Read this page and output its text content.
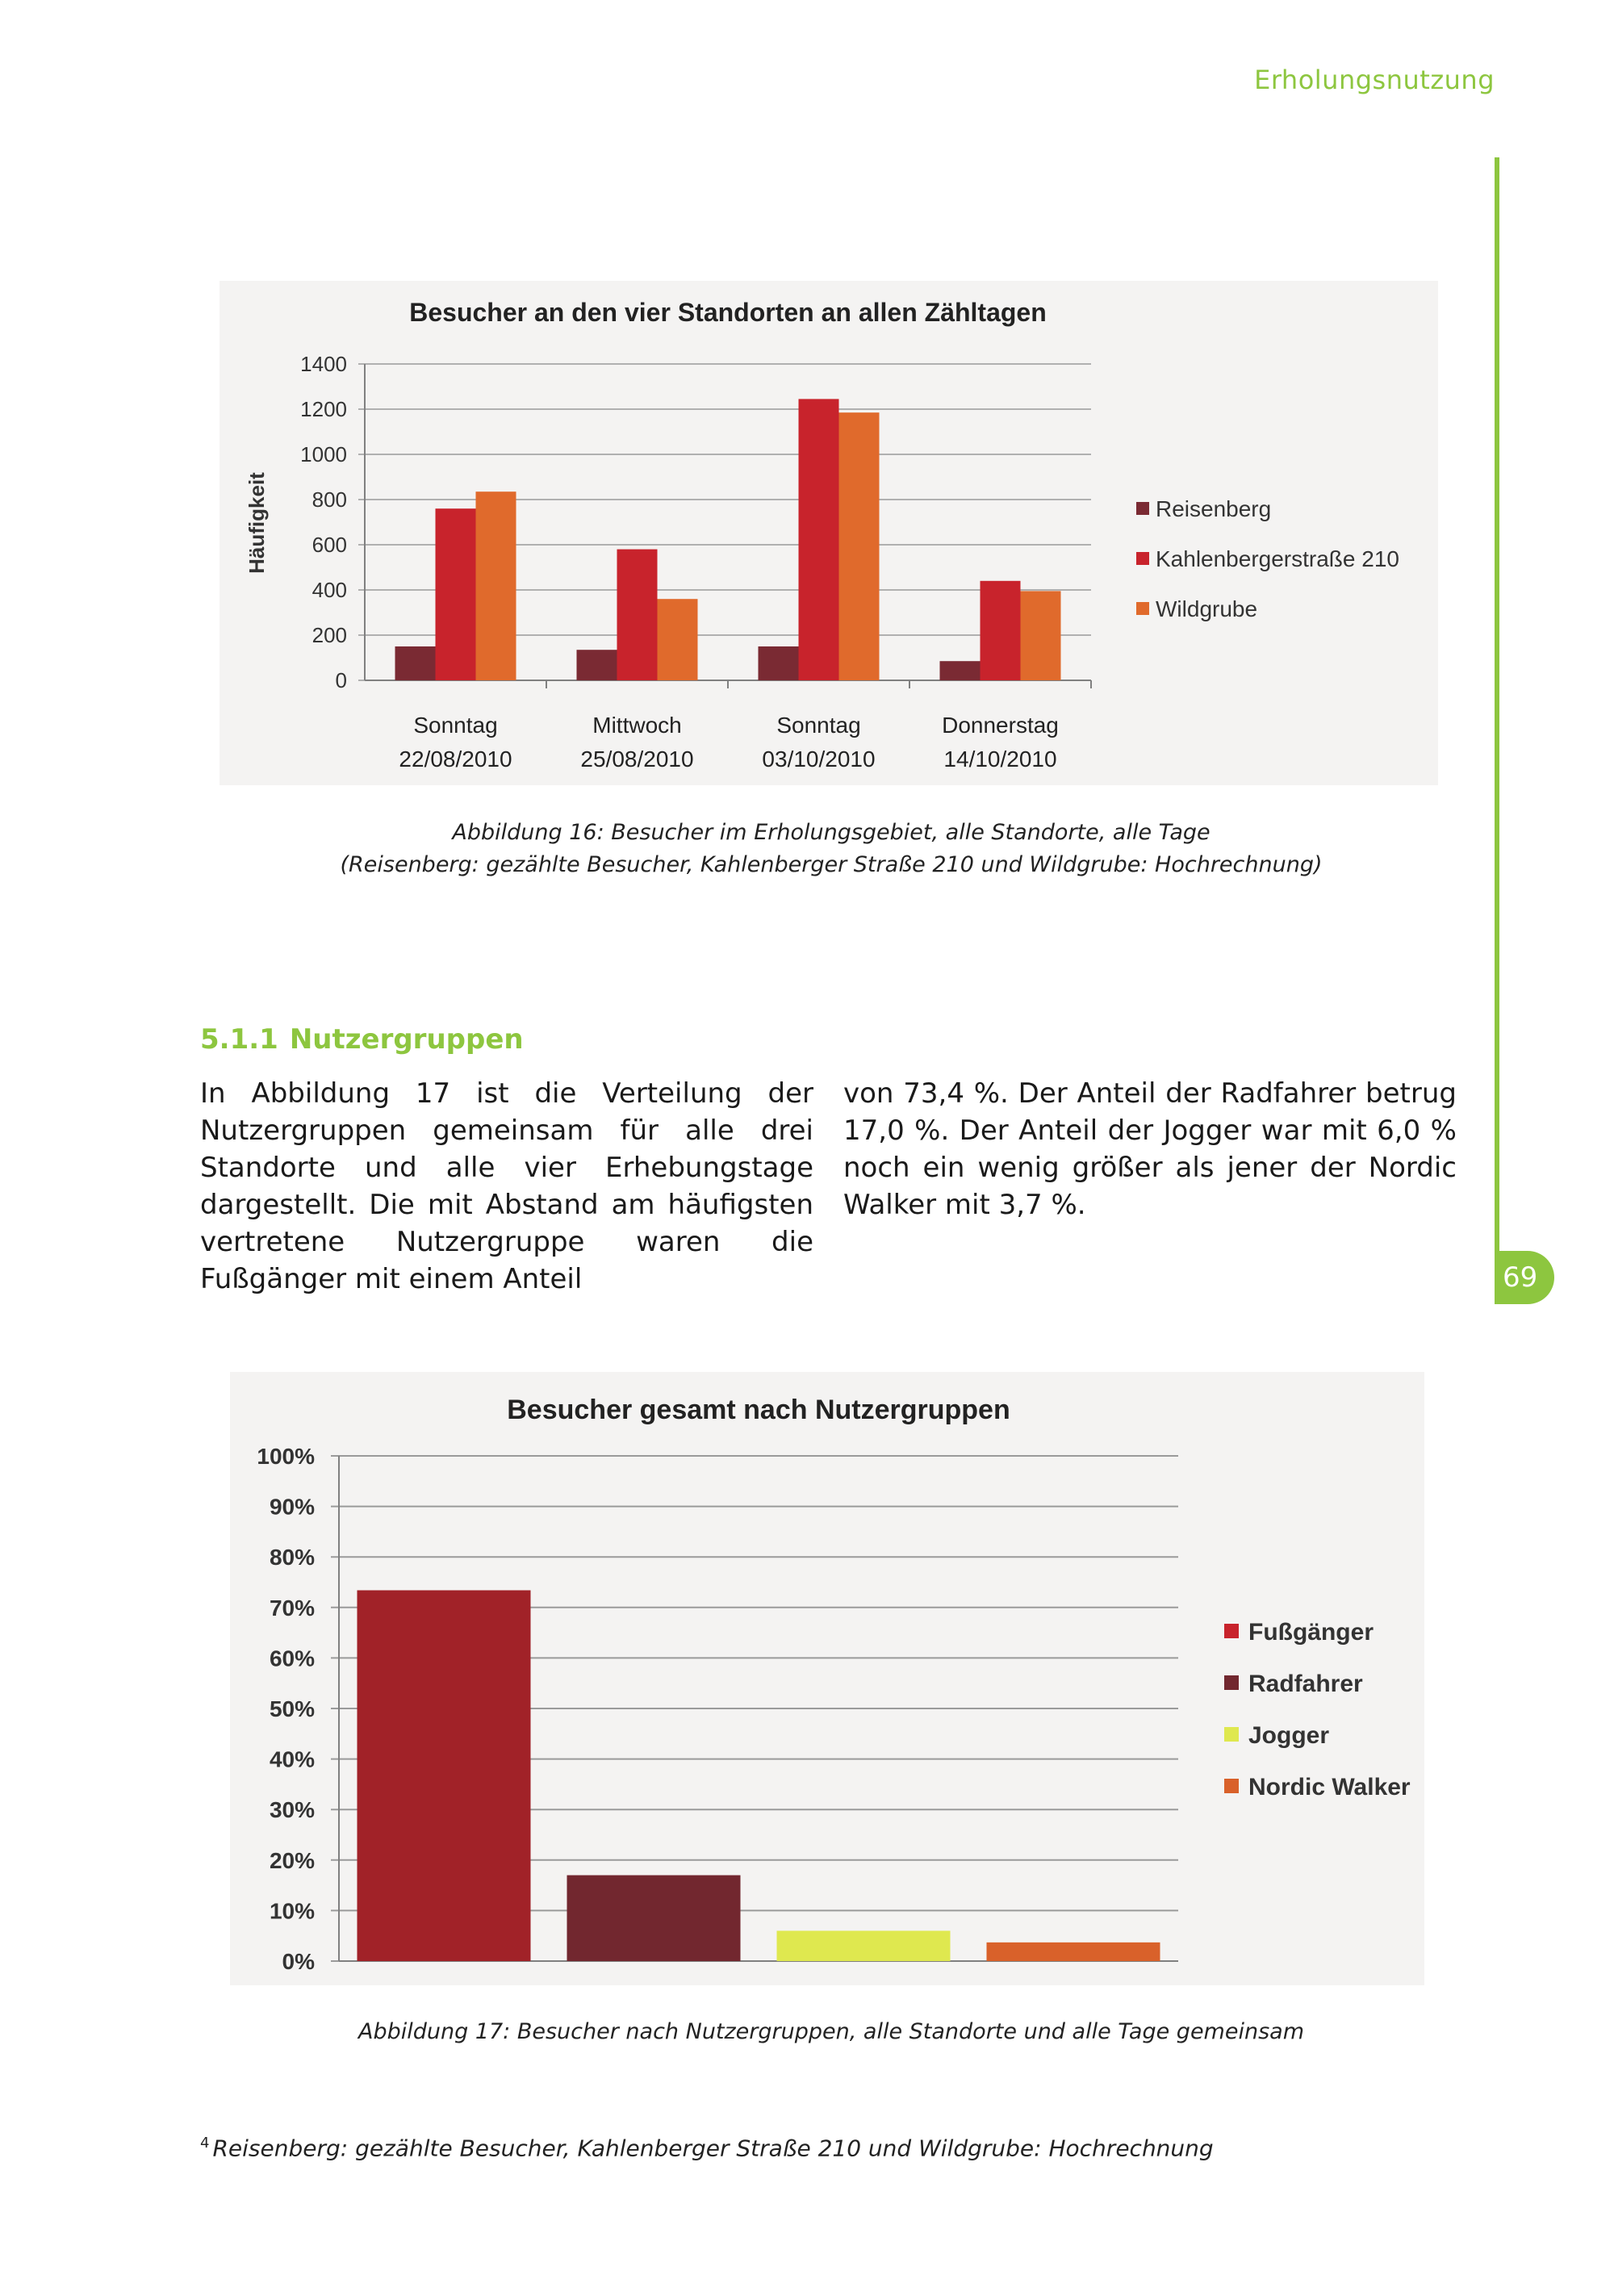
Erholungsnutzung
69
Besucher an den vier Standorten an allen Zähltagen
0
200
400
600
800
1000
1200
1400
Häufigkeit
Sonntag
22/08/2010
Mittwoch
25/08/2010
Sonntag
03/10/2010
Donnerstag
14/10/2010
Reisenberg
Kahlenbergerstraße 210
Wildgrube
Abbildung 16: Besucher im Erholungsgebiet, alle Standorte, alle Tage
(Reisenberg: gezählte Besucher, Kahlenberger Straße 210 und Wildgrube: Hochrechnung)
5.1.1 Nutzergruppen
In Abbildung 17 ist die Verteilung der Nutzergruppen gemeinsam für alle drei Standorte und alle vier Erhebungstage dargestellt. Die mit Abstand am häufigsten vertretene Nutzergruppe waren die Fußgänger mit einem Anteil
von 73,4 %. Der Anteil der Radfahrer betrug 17,0 %. Der Anteil der Jogger war mit 6,0 % noch ein wenig größer als jener der Nordic Walker mit 3,7 %.
Besucher gesamt nach Nutzergruppen
0%
10%
20%
30%
40%
50%
60%
70%
80%
90%
100%
Fußgänger
Radfahrer
Jogger
Nordic Walker
Abbildung 17: Besucher nach Nutzergruppen, alle Standorte und alle Tage gemeinsam
$^4$ Reisenberg: gezählte Besucher, Kahlenberger Straße 210 und Wildgrube: Hochrechnung
